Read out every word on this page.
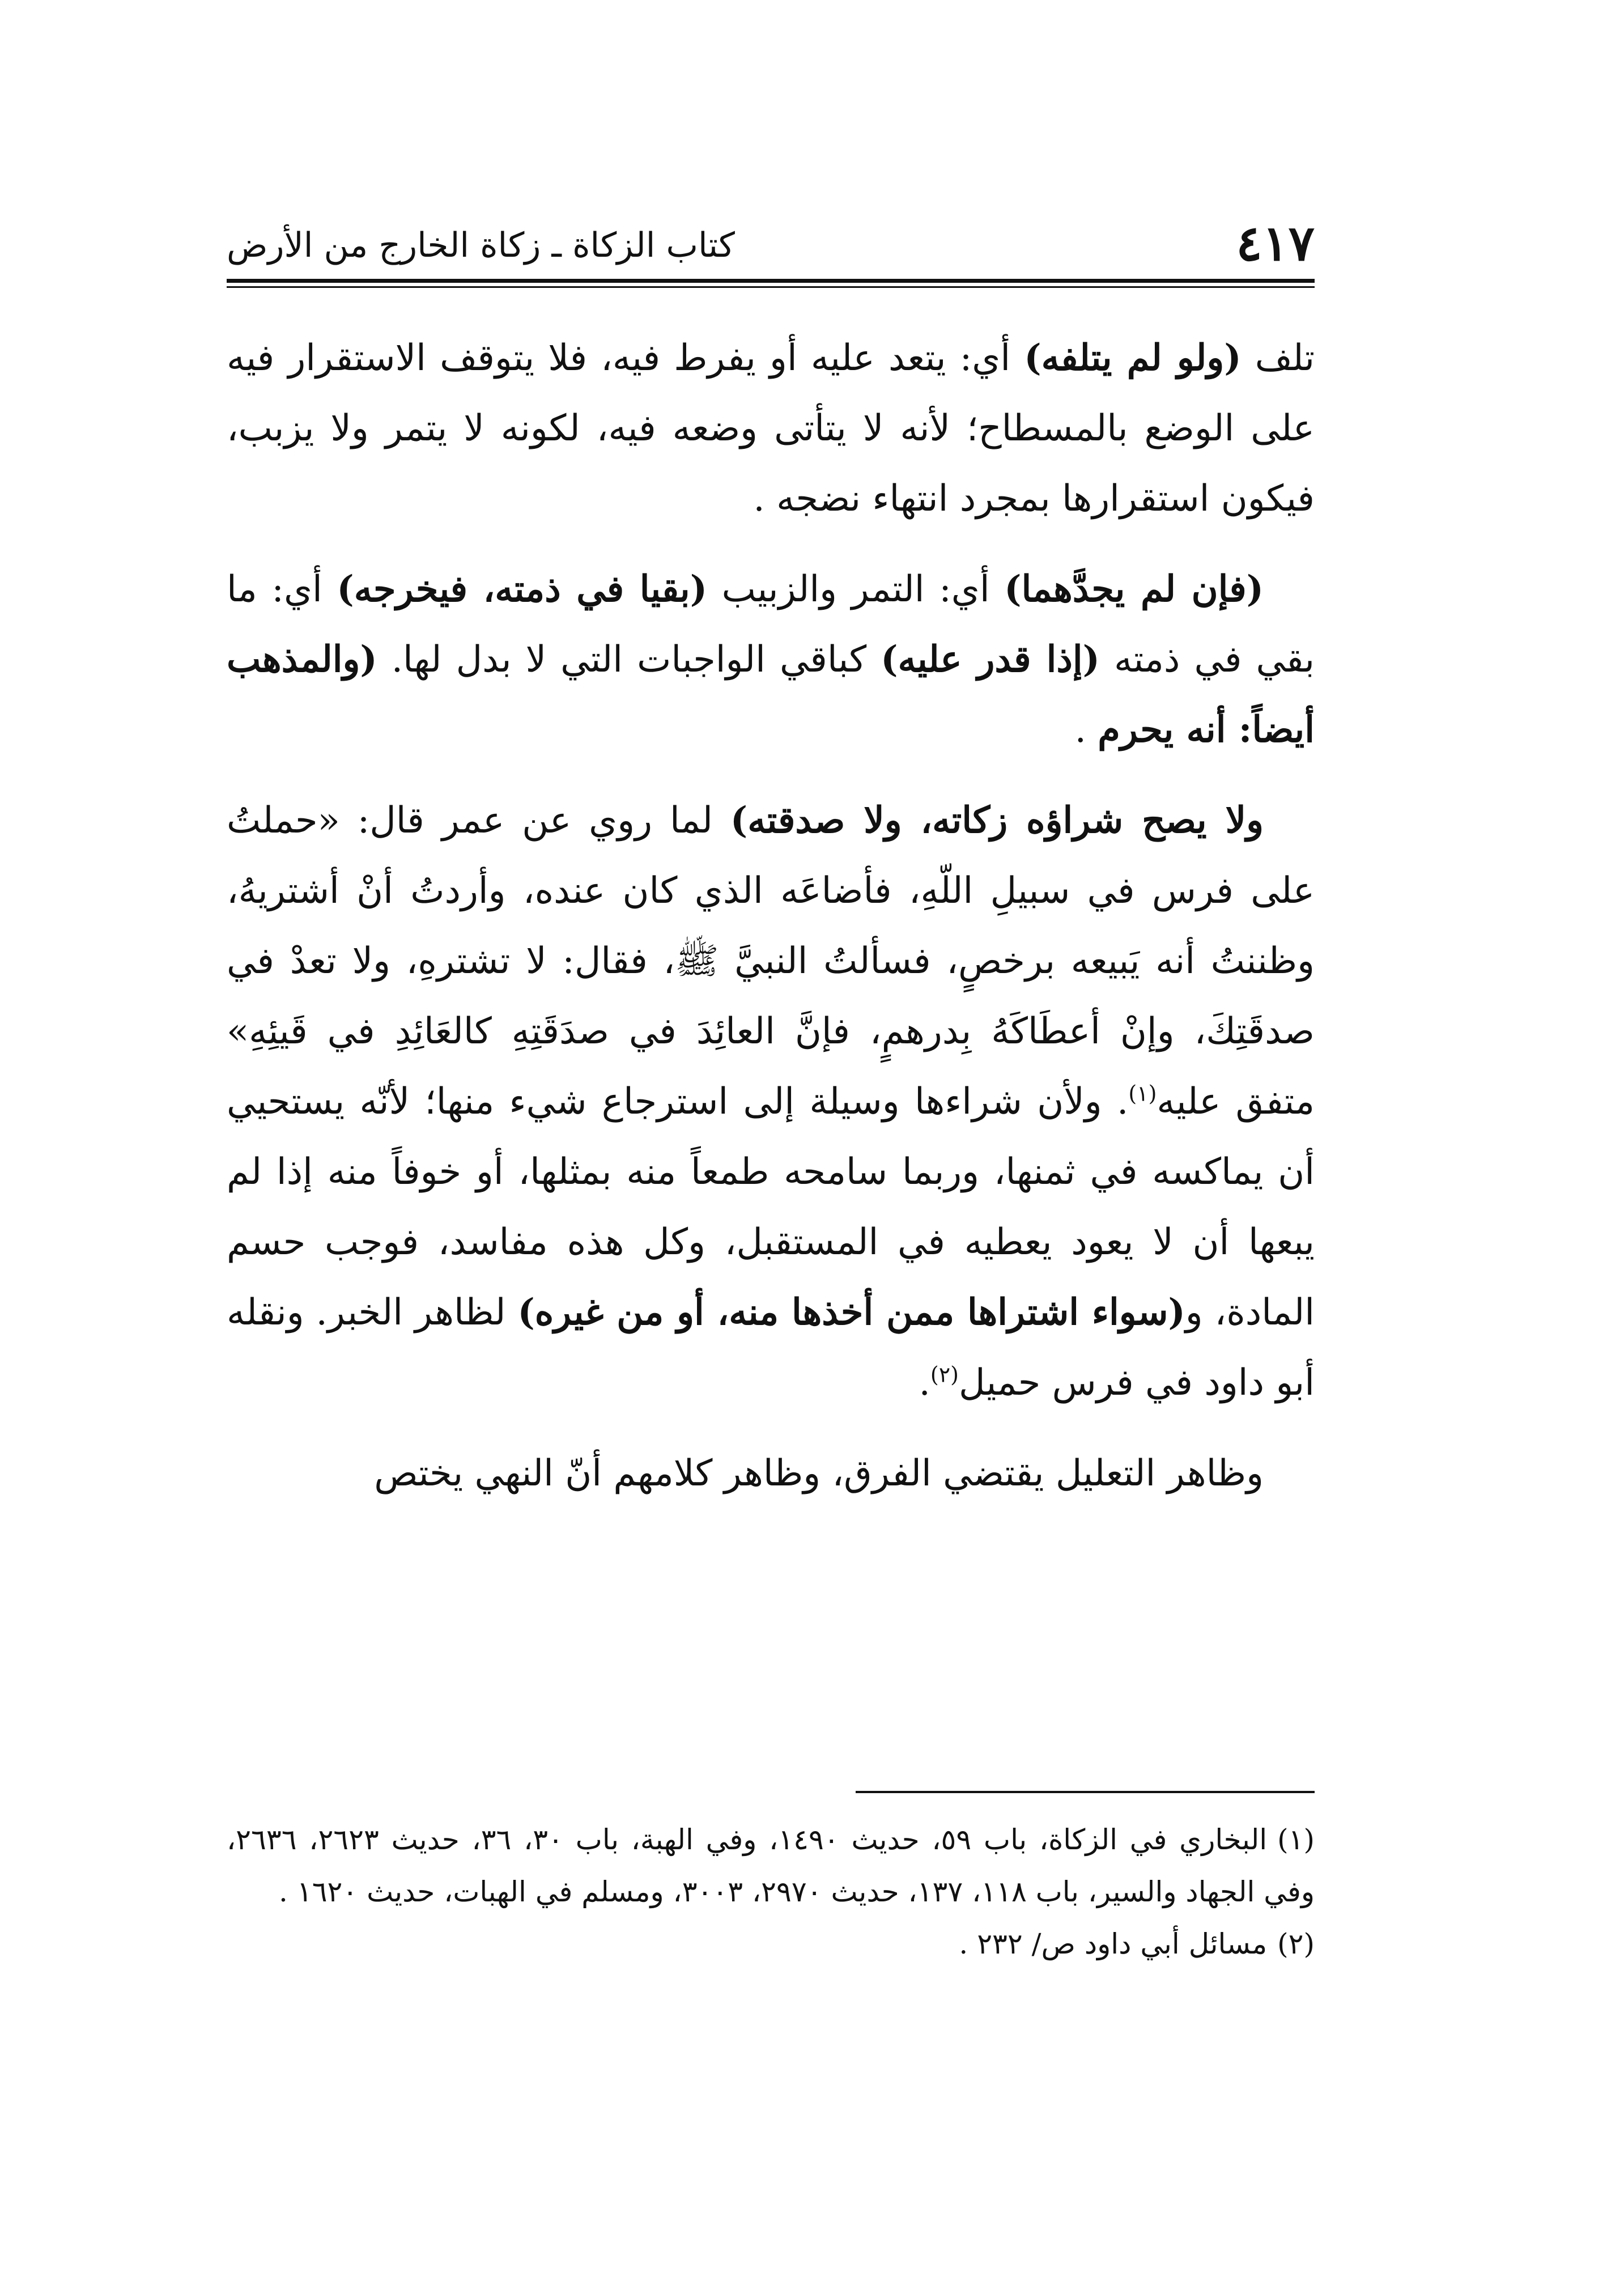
٤١٧
كتاب الزكاة ـ زكاة الخارج من الأرض

تلف (ولو لم يتلفه) أي: يتعد عليه أو يفرط فيه، فلا يتوقف الاستقرار فيه على الوضع بالمسطاح؛ لأنه لا يتأتى وضعه فيه، لكونه لا يتمر ولا يزبب، فيكون استقرارها بمجرد انتهاء نضجه .

(فإن لم يجدَّهما) أي: التمر والزبيب (بقيا في ذمته، فيخرجه) أي: ما بقي في ذمته (إذا قدر عليه) كباقي الواجبات التي لا بدل لها. (والمذهب أيضاً: أنه يحرم .

ولا يصح شراؤه زكاته، ولا صدقته) لما روي عن عمر قال: «حملتُ على فرس في سبيلِ اللّهِ، فأضاعَه الذي كان عنده، وأردتُ أنْ أشتريهُ، وظننتُ أنه يَبيعه برخصٍ، فسألتُ النبيَّ ﷺ، فقال: لا تشترهِ، ولا تعدْ في صدقَتِكَ، وإنْ أعطَاكَهُ بِدرهمٍ، فإنَّ العائِدَ في صدَقَتِهِ كالعَائِدِ في قَيئِهِ» متفق عليه$^{(١)}$. ولأن شراءها وسيلة إلى استرجاع شيء منها؛ لأنّه يستحيي أن يماكسه في ثمنها، وربما سامحه طمعاً منه بمثلها، أو خوفاً منه إذا لم يبعها أن لا يعود يعطيه في المستقبل، وكل هذه مفاسد، فوجب حسم المادة، و(سواء اشتراها ممن أخذها منه، أو من غيره) لظاهر الخبر. ونقله أبو داود في فرس حميل$^{(٢)}$.

وظاهر التعليل يقتضي الفرق، وظاهر كلامهم أنّ النهي يختص

(١)البخاري في الزكاة، باب ٥٩، حديث ١٤٩٠، وفي الهبة، باب ٣٠، ٣٦، حديث ٢٦٢٣، ٢٦٣٦، وفي الجهاد والسير، باب ١١٨، ١٣٧، حديث ٢٩٧٠، ٣٠٠٣، ومسلم في الهبات، حديث ١٦٢٠ .

(٢)مسائل أبي داود ص/ ٢٣٢ .
